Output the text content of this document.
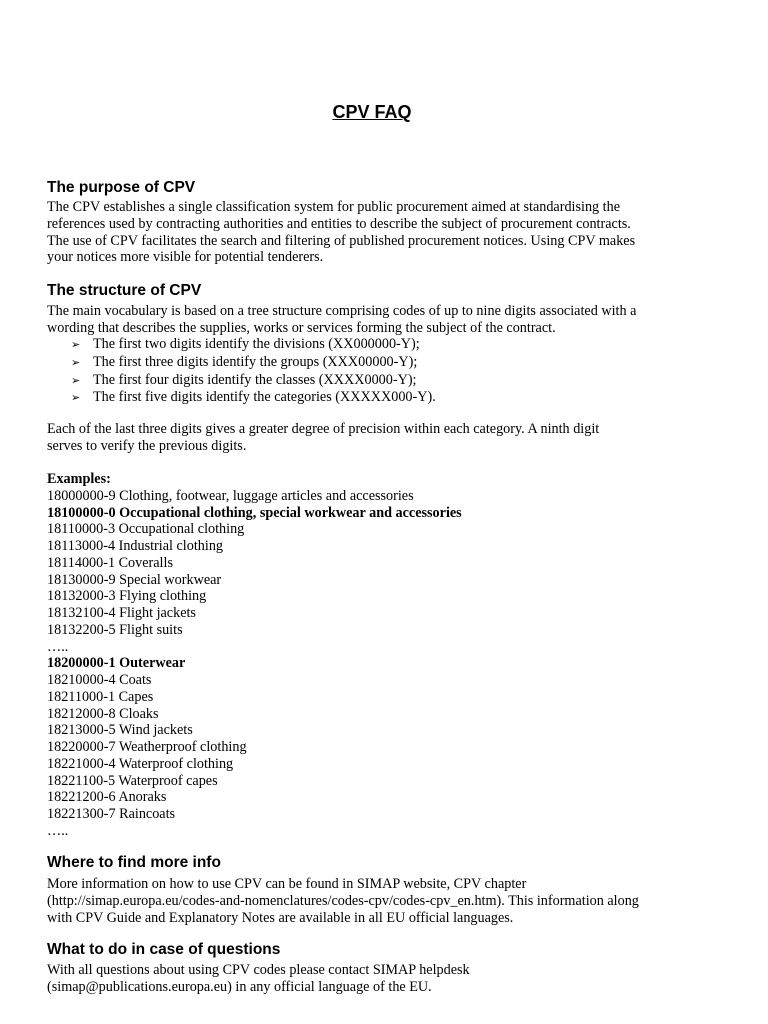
CPV FAQ
The purpose of CPV
The CPV establishes a single classification system for public procurement aimed at standardising the
references used by contracting authorities and entities to describe the subject of procurement contracts.
The use of CPV facilitates the search and filtering of published procurement notices. Using CPV makes
your notices more visible for potential tenderers.
The structure of CPV
The main vocabulary is based on a tree structure comprising codes of up to nine digits associated with a
wording that describes the supplies, works or services forming the subject of the contract.
➢ The first two digits identify the divisions (XX000000-Y);
➢ The first three digits identify the groups (XXX00000-Y);
➢ The first four digits identify the classes (XXXX0000-Y);
➢ The first five digits identify the categories (XXXXX000-Y).
Each of the last three digits gives a greater degree of precision within each category. A ninth digit
serves to verify the previous digits.
Examples:
18000000-9 Clothing, footwear, luggage articles and accessories
18100000-0 Occupational clothing, special workwear and accessories
18110000-3 Occupational clothing
18113000-4 Industrial clothing
18114000-1 Coveralls
18130000-9 Special workwear
18132000-3 Flying clothing
18132100-4 Flight jackets
18132200-5 Flight suits
…..
18200000-1 Outerwear
18210000-4 Coats
18211000-1 Capes
18212000-8 Cloaks
18213000-5 Wind jackets
18220000-7 Weatherproof clothing
18221000-4 Waterproof clothing
18221100-5 Waterproof capes
18221200-6 Anoraks
18221300-7 Raincoats
…..
Where to find more info
More information on how to use CPV can be found in SIMAP website, CPV chapter
(http://simap.europa.eu/codes-and-nomenclatures/codes-cpv/codes-cpv_en.htm). This information along
with CPV Guide and Explanatory Notes are available in all EU official languages.
What to do in case of questions
With all questions about using CPV codes please contact SIMAP helpdesk
(simap@publications.europa.eu) in any official language of the EU.
